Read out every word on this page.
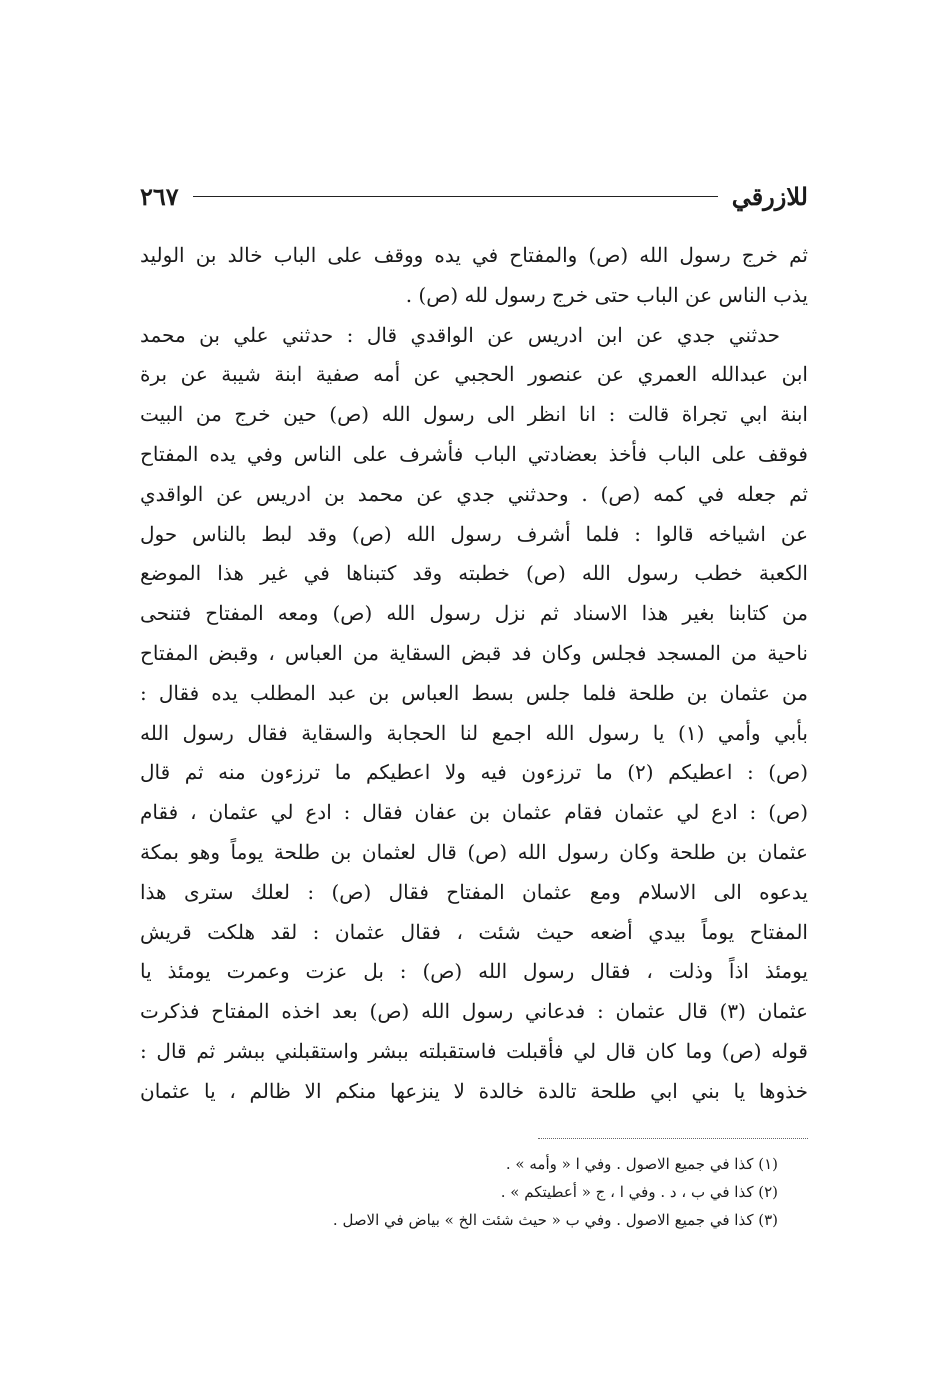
٢٦٧	للازرقي
ثم خرج رسول الله (ص) والمفتاح في يده ووقف على الباب خالد بن الوليد
يذب الناس عن الباب حتى خرج رسول لله (ص) .
حدثني جدي عن ابن ادريس عن الواقدي قال : حدثني علي بن محمد
ابن عبدالله العمري عن عنصور الحجبي عن أمه صفية ابنة شيبة عن برة
ابنة ابي تجراة قالت : انا انظر الى رسول الله (ص) حين خرج من البيت
فوقف على الباب فأخذ بعضادتي الباب فأشرف على الناس وفي يده المفتاح
ثم جعله في كمه (ص) . وحدثني جدي عن محمد بن ادريس عن الواقدي
عن اشياخه قالوا : فلما أشرف رسول الله (ص) وقد لبط بالناس حول
الكعبة خطب رسول الله (ص) خطبته وقد كتبناها في غير هذا الموضع
من كتابنا بغير هذا الاسناد ثم نزل رسول الله (ص) ومعه المفتاح فتنحى
ناحية من المسجد فجلس وكان فد قبض السقاية من العباس ، وقبض المفتاح
من عثمان بن طلحة فلما جلس بسط العباس بن عبد المطلب يده فقال :
بأبي وأمي (١) يا رسول الله اجمع لنا الحجابة والسقاية فقال رسول الله
(ص) : اعطيكم (٢) ما ترزءون فيه ولا اعطيكم ما ترزءون منه ثم قال
(ص) : ادع لي عثمان فقام عثمان بن عفان فقال : ادع لي عثمان ، فقام
عثمان بن طلحة وكان رسول الله (ص) قال لعثمان بن طلحة يوماً وهو بمكة
يدعوه الى الاسلام ومع عثمان المفتاح فقال (ص) : لعلك سترى هذا
المفتاح يوماً بيدي أضعه حيث شئت ، فقال عثمان : لقد هلكت قريش
يومئذ اذاً وذلت ، فقال رسول الله (ص) : بل عزت وعمرت يومئذ يا
عثمان (٣) قال عثمان : فدعاني رسول الله (ص) بعد اخذه المفتاح فذكرت
قوله (ص) وما كان قال لي فأقبلت فاستقبلته ببشر واستقبلني ببشر ثم قال :
خذوها يا بني ابي طلحة تالدة خالدة لا ينزعها منكم الا ظالم ، يا عثمان
(١) كذا في جميع الاصول . وفي ا « وأمه » .
(٢) كذا في ب ، د . وفي ا ، ج « أعطيتكم » .
(٣) كذا في جميع الاصول . وفي ب « حيث شئت الخ » بياض في الاصل .
